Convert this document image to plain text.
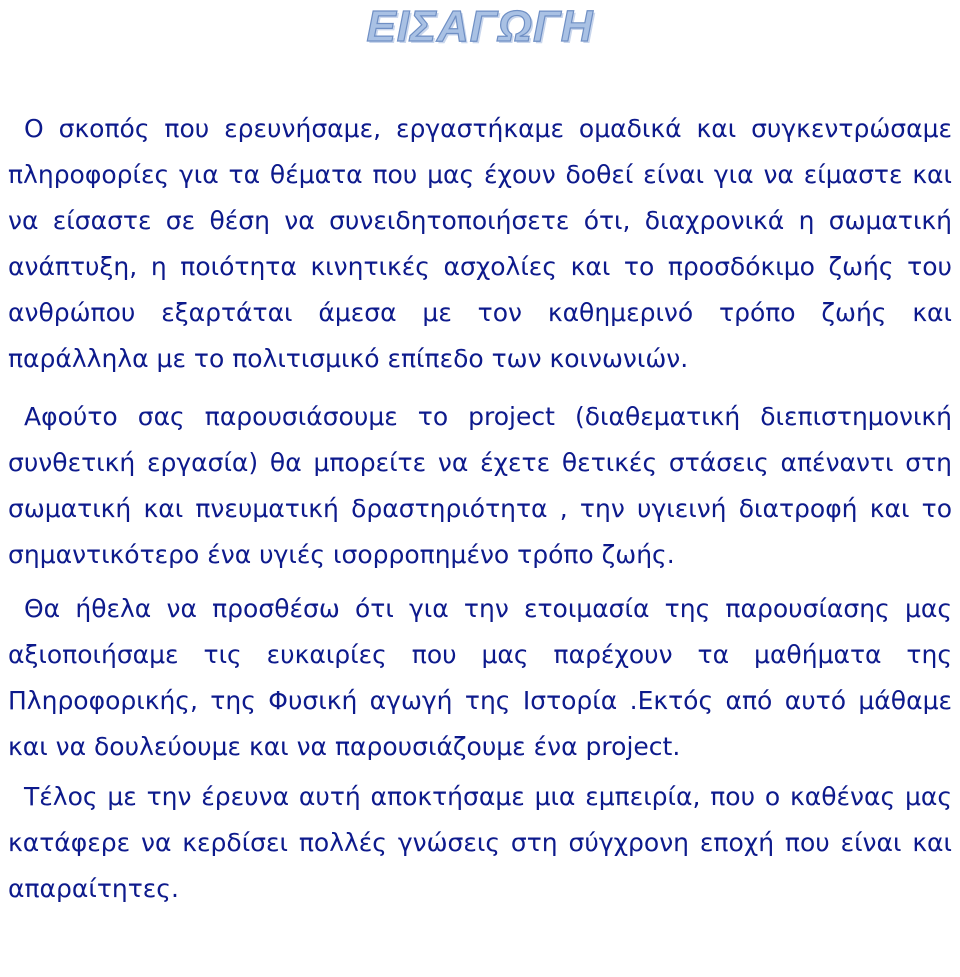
ΕΙΣΑΓΩΓΗ

Ο σκοπός που ερευνήσαμε, εργαστήκαμε ομαδικά και συγκεντρώσαμε πληροφορίες για τα θέματα που μας έχουν δοθεί είναι για να είμαστε και να είσαστε σε θέση να συνειδητοποιήσετε ότι, διαχρονικά η σωματική ανάπτυξη, η ποιότητα κινητικές ασχολίες και το προσδόκιμο ζωής του ανθρώπου εξαρτάται άμεσα με τον καθημερινό τρόπο ζωής και παράλληλα με το πολιτισμικό επίπεδο των κοινωνιών.

Αφούτο σας παρουσιάσουμε το project (διαθεματική διεπιστημονική συνθετική εργασία) θα μπορείτε να έχετε θετικές στάσεις απέναντι στη σωματική και πνευματική δραστηριότητα , την υγιεινή διατροφή και το σημαντικότερο ένα υγιές ισορροπημένο τρόπο ζωής.

Θα ήθελα να προσθέσω ότι για την ετοιμασία της παρουσίασης μας αξιοποιήσαμε τις ευκαιρίες που μας παρέχουν τα μαθήματα της Πληροφορικής, της Φυσική αγωγή της Ιστορία .Εκτός από αυτό μάθαμε και να δουλεύουμε και να παρουσιάζουμε ένα project.

Τέλος με την έρευνα αυτή αποκτήσαμε μια εμπειρία, που ο καθένας μας κατάφερε να κερδίσει πολλές γνώσεις στη σύγχρονη εποχή που είναι και απαραίτητες.
